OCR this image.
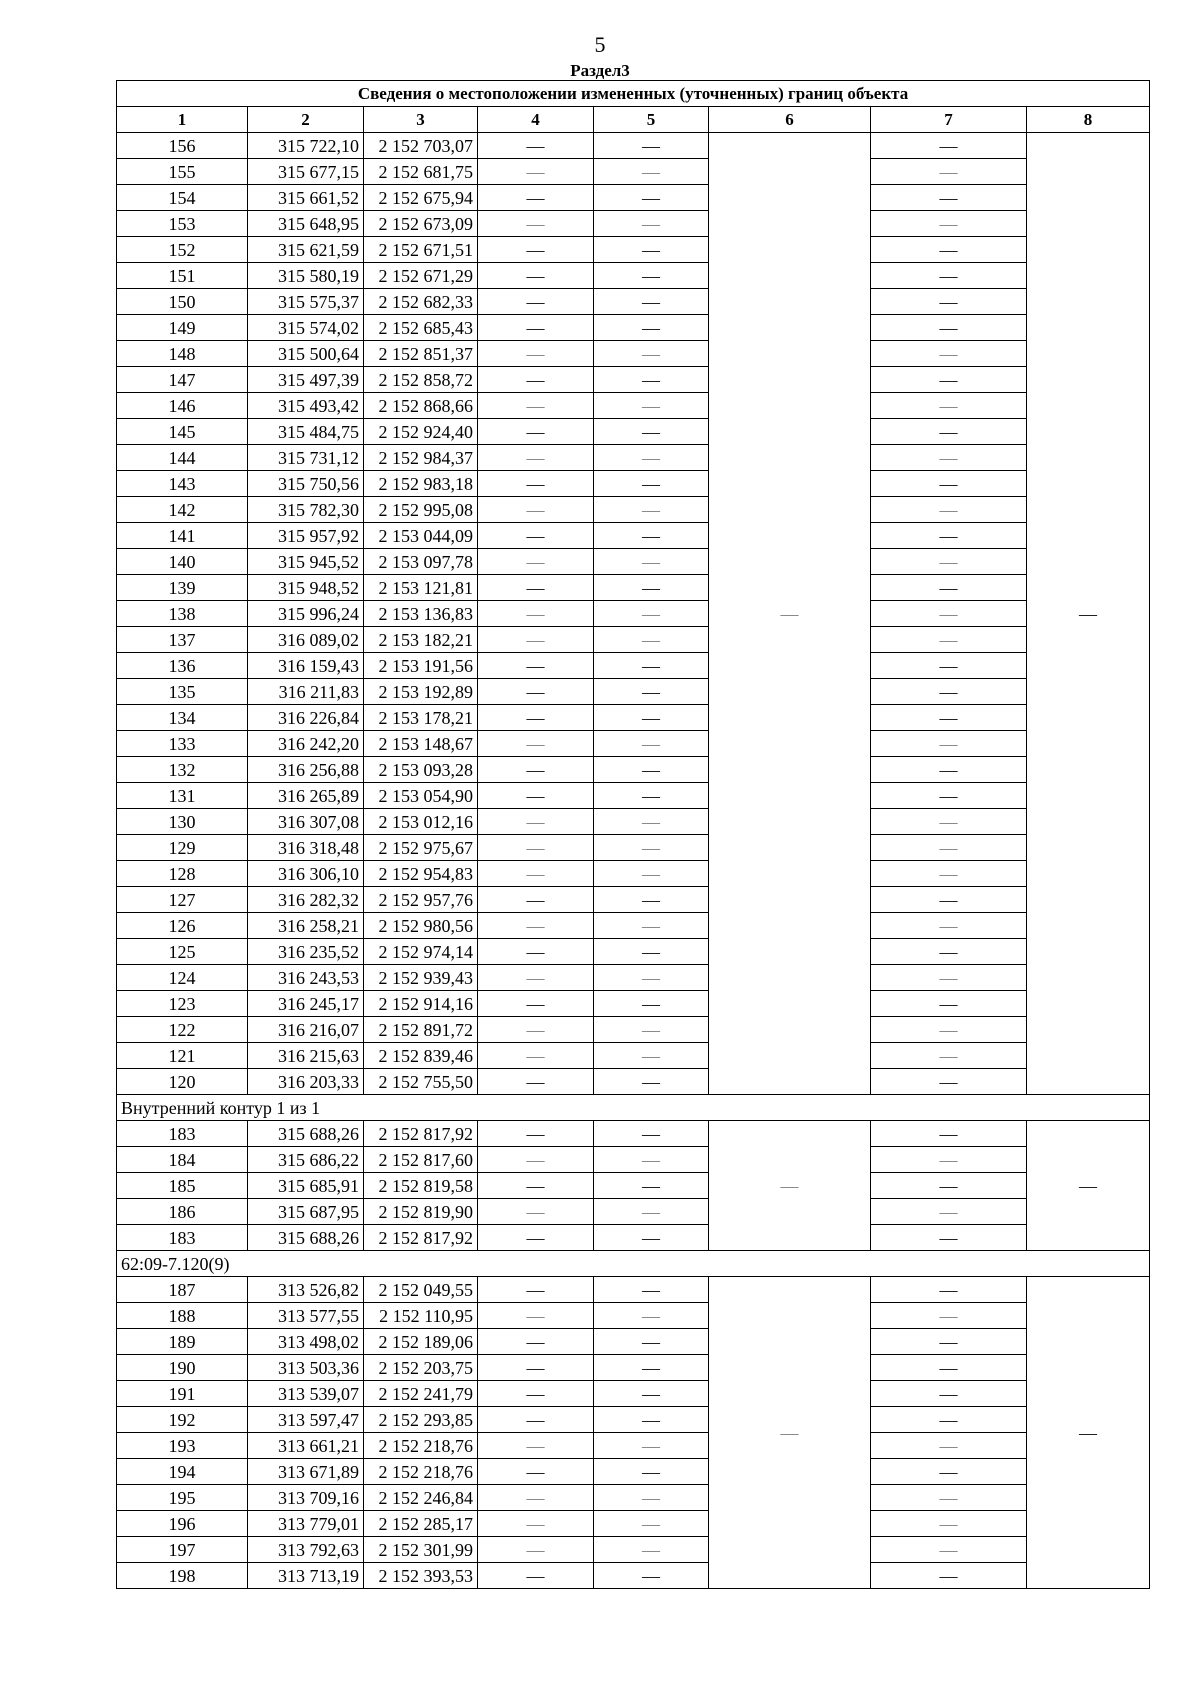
5
Раздел3
Сведения о местоположении измененных (уточненных) границ объекта							
1	2	3	4	5	6	7	8
156	315 722,10	2 152 703,07	—	—	—	—	—
155	315 677,15	2 152 681,75	—	—		—	
154	315 661,52	2 152 675,94	—	—		—	
153	315 648,95	2 152 673,09	—	—		—	
152	315 621,59	2 152 671,51	—	—		—	
151	315 580,19	2 152 671,29	—	—		—	
150	315 575,37	2 152 682,33	—	—		—	
149	315 574,02	2 152 685,43	—	—		—	
148	315 500,64	2 152 851,37	—	—		—	
147	315 497,39	2 152 858,72	—	—		—	
146	315 493,42	2 152 868,66	—	—		—	
145	315 484,75	2 152 924,40	—	—		—	
144	315 731,12	2 152 984,37	—	—		—	
143	315 750,56	2 152 983,18	—	—		—	
142	315 782,30	2 152 995,08	—	—		—	
141	315 957,92	2 153 044,09	—	—		—	
140	315 945,52	2 153 097,78	—	—		—	
139	315 948,52	2 153 121,81	—	—		—	
138	315 996,24	2 153 136,83	—	—		—	
137	316 089,02	2 153 182,21	—	—		—	
136	316 159,43	2 153 191,56	—	—		—	
135	316 211,83	2 153 192,89	—	—		—	
134	316 226,84	2 153 178,21	—	—		—	
133	316 242,20	2 153 148,67	—	—		—	
132	316 256,88	2 153 093,28	—	—		—	
131	316 265,89	2 153 054,90	—	—		—	
130	316 307,08	2 153 012,16	—	—		—	
129	316 318,48	2 152 975,67	—	—		—	
128	316 306,10	2 152 954,83	—	—		—	
127	316 282,32	2 152 957,76	—	—		—	
126	316 258,21	2 152 980,56	—	—		—	
125	316 235,52	2 152 974,14	—	—		—	
124	316 243,53	2 152 939,43	—	—		—	
123	316 245,17	2 152 914,16	—	—		—	
122	316 216,07	2 152 891,72	—	—		—	
121	316 215,63	2 152 839,46	—	—		—	
120	316 203,33	2 152 755,50	—	—		—	
Внутренний контур 1 из 1							
183	315 688,26	2 152 817,92	—	—	—	—	—
184	315 686,22	2 152 817,60	—	—		—	
185	315 685,91	2 152 819,58	—	—		—	
186	315 687,95	2 152 819,90	—	—		—	
183	315 688,26	2 152 817,92	—	—		—	
62:09-7.120(9)							
187	313 526,82	2 152 049,55	—	—	—	—	—
188	313 577,55	2 152 110,95	—	—		—	
189	313 498,02	2 152 189,06	—	—		—	
190	313 503,36	2 152 203,75	—	—		—	
191	313 539,07	2 152 241,79	—	—		—	
192	313 597,47	2 152 293,85	—	—		—	
193	313 661,21	2 152 218,76	—	—		—	
194	313 671,89	2 152 218,76	—	—		—	
195	313 709,16	2 152 246,84	—	—		—	
196	313 779,01	2 152 285,17	—	—		—	
197	313 792,63	2 152 301,99	—	—		—	
198	313 713,19	2 152 393,53	—	—		—	
